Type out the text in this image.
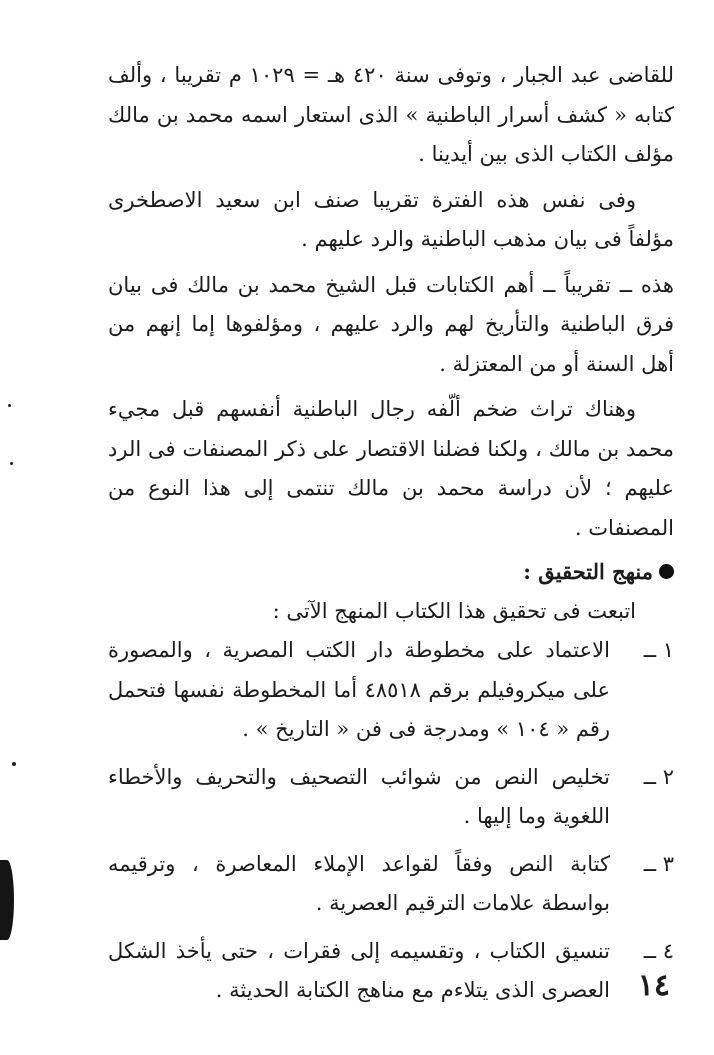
للقاضى عبد الجبار ، وتوفى سنة ٤٢٠ هـ = ١٠٢٩ م تقريبا ، وألف كتابه « كشف أسرار الباطنية » الذى استعار اسمه محمد بن مالك مؤلف الكتاب الذى بين أيدينا .

وفى نفس هذه الفترة تقريبا صنف ابن سعيد الاصطخرى مؤلفاً فى بيان مذهب الباطنية والرد عليهم .

هذه ــ تقريباً ــ أهم الكتابات قبل الشيخ محمد بن مالك فى بيان فرق الباطنية والتأريخ لهم والرد عليهم ، ومؤلفوها إما إنهم من أهل السنة أو من المعتزلة .

وهناك تراث ضخم ألّفه رجال الباطنية أنفسهم قبل مجيء محمد بن مالك ، ولكنا فضلنا الاقتصار على ذكر المصنفات فى الرد عليهم ؛ لأن دراسة محمد بن مالك تنتمى إلى هذا النوع من المصنفات .

منهج التحقيق :

اتبعت فى تحقيق هذا الكتاب المنهج الآتى :

١ ــ

الاعتماد على مخطوطة دار الكتب المصرية ، والمصورة على ميكروفيلم برقم ٤٨٥١٨ أما المخطوطة نفسها فتحمل رقم « ١٠٤ » ومدرجة فى فن « التاريخ » .

٢ ــ

تخليص النص من شوائب التصحيف والتحريف والأخطاء اللغوية وما إليها .

٣ ــ

كتابة النص وفقاً لقواعد الإملاء المعاصرة ، وترقيمه بواسطة علامات الترقيم العصرية .

٤ ــ

تنسيق الكتاب ، وتقسيمه إلى فقرات ، حتى يأخذ الشكل العصرى الذى يتلاءم مع مناهج الكتابة الحديثة . ١٤
